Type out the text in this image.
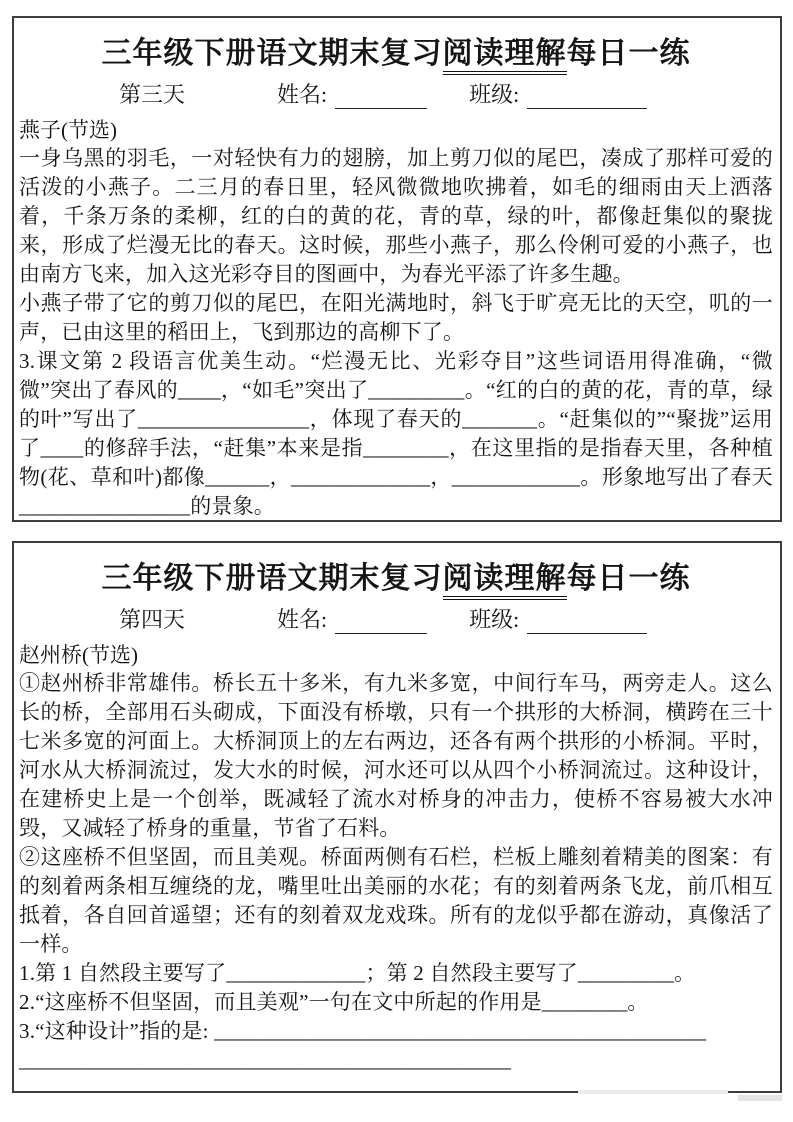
三年级下册语文期末复习阅读理解每日一练
第三天	姓名:	班级:

燕子(节选)

一身乌黑的羽毛，一对轻快有力的翅膀，加上剪刀似的尾巴，凑成了那样可爱的活泼的小燕子。二三月的春日里，轻风微微地吹拂着，如毛的细雨由天上洒落着，千条万条的柔柳，红的白的黄的花，青的草，绿的叶，都像赶集似的聚拢来，形成了烂漫无比的春天。这时候，那些小燕子，那么伶俐可爱的小燕子，也由南方飞来，加入这光彩夺目的图画中，为春光平添了许多生趣。

小燕子带了它的剪刀似的尾巴，在阳光满地时，斜飞于旷亮无比的天空，叽的一声，已由这里的稻田上，飞到那边的高柳下了。

3.课文第 2 段语言优美生动。“烂漫无比、光彩夺目”这些词语用得准确，“微微”突出了春风的____，“如毛”突出了_________。“红的白的黄的花，青的草，绿的叶”写出了________________，体现了春天的_______。“赶集似的”“聚拢”运用了____的修辞手法，“赶集”本来是指________，在这里指的是指春天里，各种植物(花、草和叶)都像______，_____________，____________。形象地写出了春天________________的景象。

三年级下册语文期末复习阅读理解每日一练
第四天	姓名:	班级:

赵州桥(节选)

①赵州桥非常雄伟。桥长五十多米，有九米多宽，中间行车马，两旁走人。这么长的桥，全部用石头砌成，下面没有桥墩，只有一个拱形的大桥洞，横跨在三十七米多宽的河面上。大桥洞顶上的左右两边，还各有两个拱形的小桥洞。平时，河水从大桥洞流过，发大水的时候，河水还可以从四个小桥洞流过。这种设计，在建桥史上是一个创举，既减轻了流水对桥身的冲击力，使桥不容易被大水冲毁，又减轻了桥身的重量，节省了石料。

②这座桥不但坚固，而且美观。桥面两侧有石栏，栏板上雕刻着精美的图案：有的刻着两条相互缠绕的龙，嘴里吐出美丽的水花；有的刻着两条飞龙，前爪相互抵着，各自回首遥望；还有的刻着双龙戏珠。所有的龙似乎都在游动，真像活了一样。

1.第 1 自然段主要写了_____________；第 2 自然段主要写了_________。

2.“这座桥不但坚固，而且美观”一句在文中所起的作用是________。

3.“这种设计”指的是: ______________________________________________

______________________________________________
